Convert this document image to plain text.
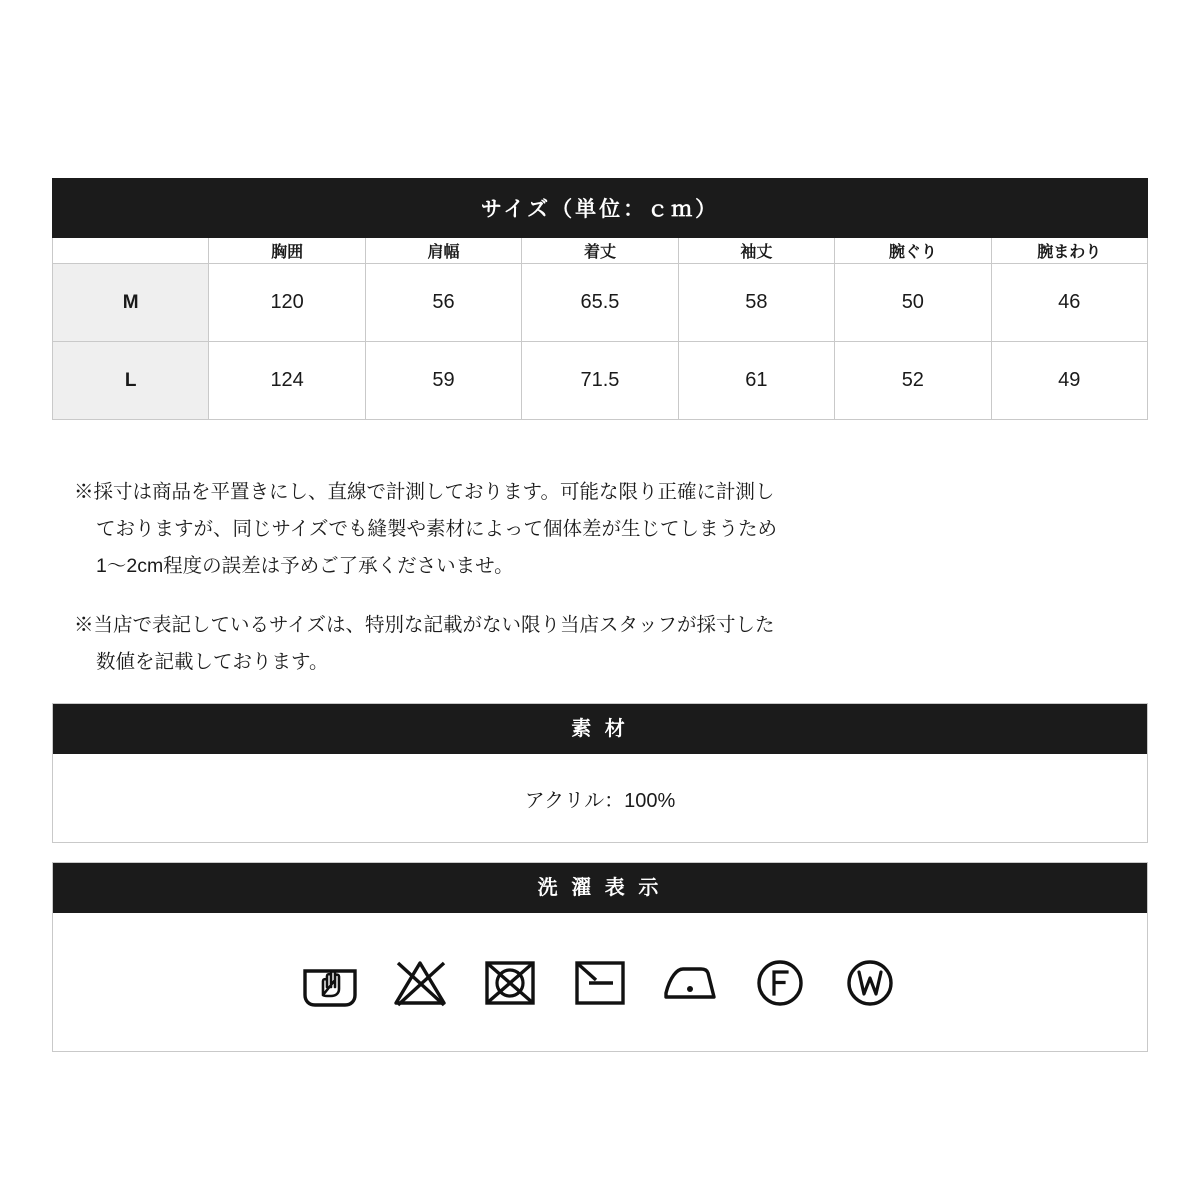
サイズ（単位：ｃｍ）						
	胸囲	肩幅	着丈	袖丈	腕ぐり	腕まわり
M	120	56	65.5	58	50	46
L	124	59	71.5	61	52	49
※採寸は商品を平置きにし、直線で計測しております。可能な限り正確に計測し
ておりますが、同じサイズでも縫製や素材によって個体差が生じてしまうため
1〜2cm程度の誤差は予めご了承くださいませ。
※当店で表記しているサイズは、特別な記載がない限り当店スタッフが採寸した
数値を記載しております。
素 材
アクリル：100%
洗 濯 表 示
